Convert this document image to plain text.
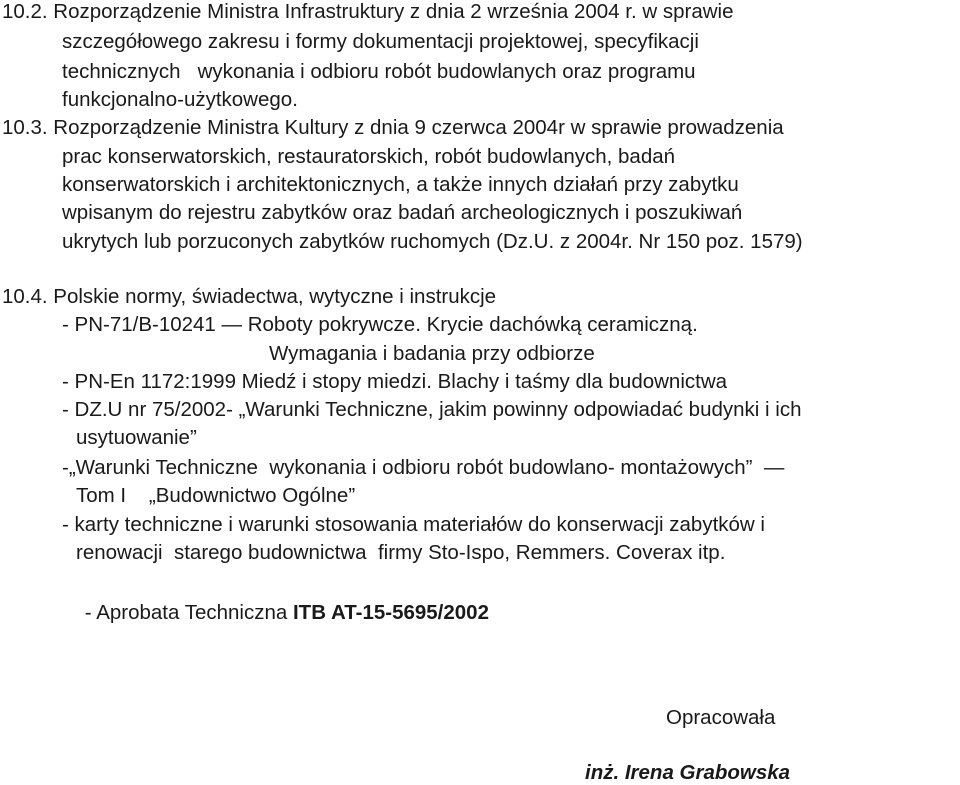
10.2. Rozporządzenie Ministra Infrastruktury z dnia 2 września 2004 r. w sprawie
szczegółowego zakresu i formy dokumentacji projektowej, specyfikacji
technicznych   wykonania i odbioru robót budowlanych oraz programu
funkcjonalno-użytkowego.
10.3. Rozporządzenie Ministra Kultury z dnia 9 czerwca 2004r w sprawie prowadzenia
prac konserwatorskich, restauratorskich, robót budowlanych, badań
konserwatorskich i architektonicznych, a także innych działań przy zabytku
wpisanym do rejestru zabytków oraz badań archeologicznych i poszukiwań
ukrytych lub porzuconych zabytków ruchomych (Dz.U. z 2004r. Nr 150 poz. 1579)
10.4. Polskie normy, świadectwa, wytyczne i instrukcje
- PN-71/B-10241 — Roboty pokrywcze. Krycie dachówką ceramiczną.
Wymagania i badania przy odbiorze
- PN-En 1172:1999 Miedź i stopy miedzi. Blachy i taśmy dla budownictwa
- DZ.U nr 75/2002- „Warunki Techniczne, jakim powinny odpowiadać budynki i ich
usytuowanie”
-„Warunki Techniczne  wykonania i odbioru robót budowlano- montażowych”  —
Tom I    „Budownictwo Ogólne”
- karty techniczne i warunki stosowania materiałów do konserwacji zabytków i
renowacji  starego budownictwa  firmy Sto-Ispo, Remmers. Coverax itp.

- Aprobata Techniczna ITB AT-15-5695/2002

Opracowała
inż. Irena Grabowska
